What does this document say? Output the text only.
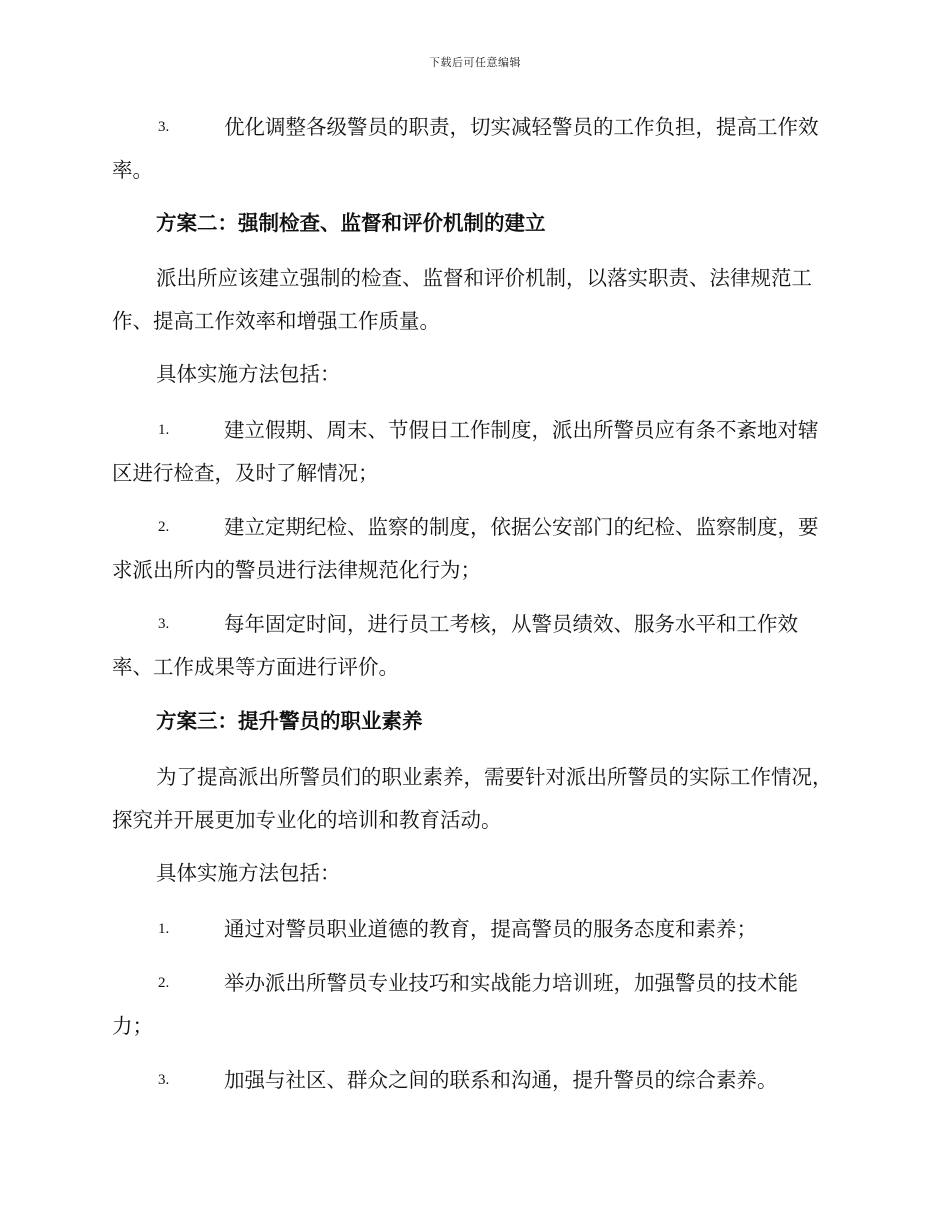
下载后可任意编辑
3.	优化调整各级警员的职责，切实减轻警员的工作负担，提高工作效率。
方案二：强制检查、监督和评价机制的建立
派出所应该建立强制的检查、监督和评价机制，以落实职责、法律规范工作、提高工作效率和增强工作质量。
具体实施方法包括：
1.	建立假期、周末、节假日工作制度，派出所警员应有条不紊地对辖区进行检查，及时了解情况；
2.	建立定期纪检、监察的制度，依据公安部门的纪检、监察制度，要求派出所内的警员进行法律规范化行为；
3.	每年固定时间，进行员工考核，从警员绩效、服务水平和工作效率、工作成果等方面进行评价。
方案三：提升警员的职业素养
为了提高派出所警员们的职业素养，需要针对派出所警员的实际工作情况，探究并开展更加专业化的培训和教育活动。
具体实施方法包括：
1.	通过对警员职业道德的教育，提高警员的服务态度和素养；
2.	举办派出所警员专业技巧和实战能力培训班，加强警员的技术能力；
3.	加强与社区、群众之间的联系和沟通，提升警员的综合素养。
